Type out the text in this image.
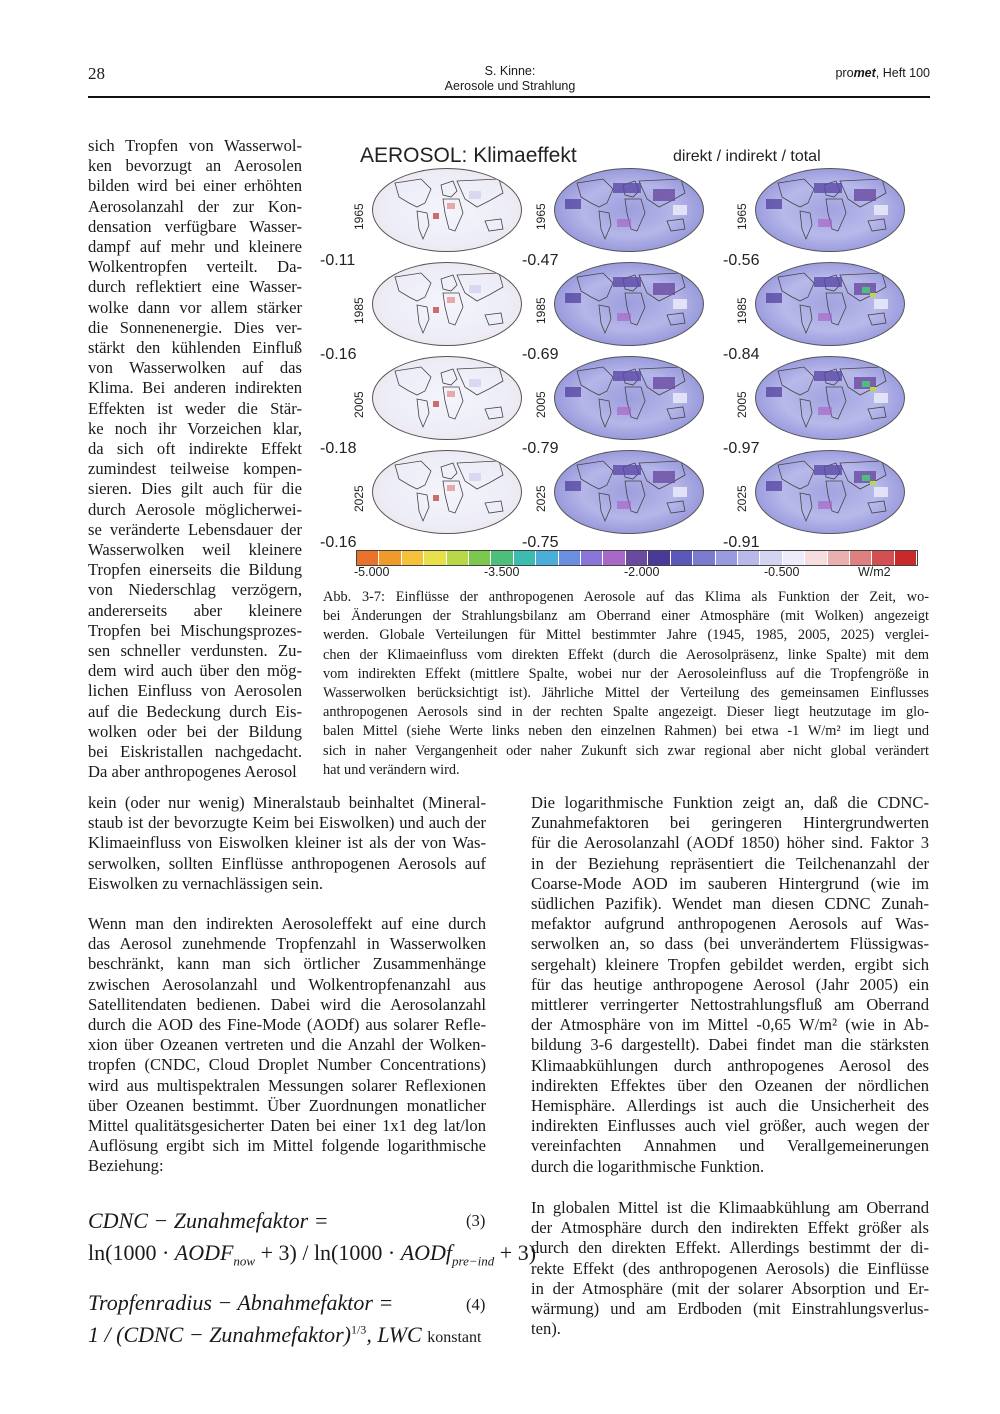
28	S. Kinne:
Aerosole und Strahlung
promet, Heft 100
sich Tropfen von Wasserwol-
ken bevorzugt an Aerosolen
bilden wird bei einer erhöhten
Aerosolanzahl der zur Kon-
densation verfügbare Wasser-
dampf auf mehr und kleinere
Wolkentropfen verteilt. Da-
durch reflektiert eine Wasser-
wolke dann vor allem stärker
die Sonnenenergie. Dies ver-
stärkt den kühlenden Einfluß
von Wasserwolken auf das
Klima. Bei anderen indirekten
Effekten ist weder die Stär-
ke noch ihr Vorzeichen klar,
da sich oft indirekte Effekt
zumindest teilweise kompen-
sieren. Dies gilt auch für die
durch Aerosole möglicherwei-
se veränderte Lebensdauer der
Wasserwolken weil kleinere
Tropfen einerseits die Bildung
von Niederschlag verzögern,
andererseits aber kleinere
Tropfen bei Mischungsprozes-
sen schneller verdunsten. Zu-
dem wird auch über den mög-
lichen Einfluss von Aerosolen
auf die Bedeckung durch Eis-
wolken oder bei der Bildung
bei Eiskristallen nachgedacht.
Da aber anthropogenes Aerosol
AEROSOL: Klimaeffekt	direkt / indirekt / total
1965
-0.11
1965
-0.47
1965
-0.56
1985
-0.16
1985
-0.69
1985
-0.84
2005
-0.18
2005
-0.79
2005
-0.97
2025
-0.16
2025
-0.75
2025
-0.91
-5.000	-3.500	-2.000	-0.500	W/m2
Abb. 3-7: Einflüsse der anthropogenen Aerosole auf das Klima als Funktion der Zeit, wo-
bei Änderungen der Strahlungsbilanz am Oberrand einer Atmosphäre (mit Wolken) angezeigt
werden. Globale Verteilungen für Mittel bestimmter Jahre (1945, 1985, 2005, 2025) verglei-
chen der Klimaeinfluss vom direkten Effekt (durch die Aerosolpräsenz, linke Spalte) mit dem
vom indirekten Effekt (mittlere Spalte, wobei nur der Aerosoleinfluss auf die Tropfengröße in
Wasserwolken berücksichtigt ist). Jährliche Mittel der Verteilung des gemeinsamen Einflusses
anthropogenen Aerosols sind in der rechten Spalte angezeigt. Dieser liegt heutzutage im glo-
balen Mittel (siehe Werte links neben den einzelnen Rahmen) bei etwa -1 W/m² im liegt und
sich in naher Vergangenheit oder naher Zukunft sich zwar regional aber nicht global verändert
hat und verändern wird.
kein (oder nur wenig) Mineralstaub beinhaltet (Mineral-
staub ist der bevorzugte Keim bei Eiswolken) und auch der
Klimaeinfluss von Eiswolken kleiner ist als der von Was-
serwolken, sollten Einflüsse anthropogenen Aerosols auf
Eiswolken zu vernachlässigen sein.
Wenn man den indirekten Aerosoleffekt auf eine durch
das Aerosol zunehmende Tropfenzahl in Wasserwolken
beschränkt, kann man sich örtlicher Zusammenhänge
zwischen Aerosolanzahl und Wolkentropfenanzahl aus
Satellitendaten bedienen. Dabei wird die Aerosolanzahl
durch die AOD des Fine-Mode (AODf) aus solarer Refle-
xion über Ozeanen vertreten und die Anzahl der Wolken-
tropfen (CNDC, Cloud Droplet Number Concentrations)
wird aus multispektralen Messungen solarer Reflexionen
über Ozeanen bestimmt. Über Zuordnungen monatlicher
Mittel qualitätsgesicherter Daten bei einer 1x1 deg lat/lon
Auflösung ergibt sich im Mittel folgende logarithmische
Beziehung:
CDNC − Zunahmefaktor =	(3)
$\ln(1000 \cdot AODF_{now} + 3) / \ln(1000$ · AODf$_{pre-ind}$ + 3)
Tropfenradius − Abnahmefaktor =	(4)
1 / (CDNC − Zunahmefaktor)$^{1/3}$, LWC konstant
Die logarithmische Funktion zeigt an, daß die CDNC-
Zunahmefaktoren bei geringeren Hintergrundwerten
für die Aerosolanzahl (AODf 1850) höher sind. Faktor 3
in der Beziehung repräsentiert die Teilchenanzahl der
Coarse-Mode AOD im sauberen Hintergrund (wie im
südlichen Pazifik). Wendet man diesen CDNC Zunah-
mefaktor aufgrund anthropogenen Aerosols auf Was-
serwolken an, so dass (bei unverändertem Flüssigwas-
sergehalt) kleinere Tropfen gebildet werden, ergibt sich
für das heutige anthropogene Aerosol (Jahr 2005) ein
mittlerer verringerter Nettostrahlungsfluß am Oberrand
der Atmosphäre von im Mittel -0,65 W/m² (wie in Ab-
bildung 3-6 dargestellt). Dabei findet man die stärksten
Klimaabkühlungen durch anthropogenes Aerosol des
indirekten Effektes über den Ozeanen der nördlichen
Hemisphäre. Allerdings ist auch die Unsicherheit des
indirekten Einflusses auch viel größer, auch wegen der
vereinfachten Annahmen und Verallgemeinerungen
durch die logarithmische Funktion.
In globalen Mittel ist die Klimaabkühlung am Oberrand
der Atmosphäre durch den indirekten Effekt größer als
durch den direkten Effekt. Allerdings bestimmt der di-
rekte Effekt (des anthropogenen Aerosols) die Einflüsse
in der Atmosphäre (mit der solarer Absorption und Er-
wärmung) und am Erdboden (mit Einstrahlungsverlus-
ten).
